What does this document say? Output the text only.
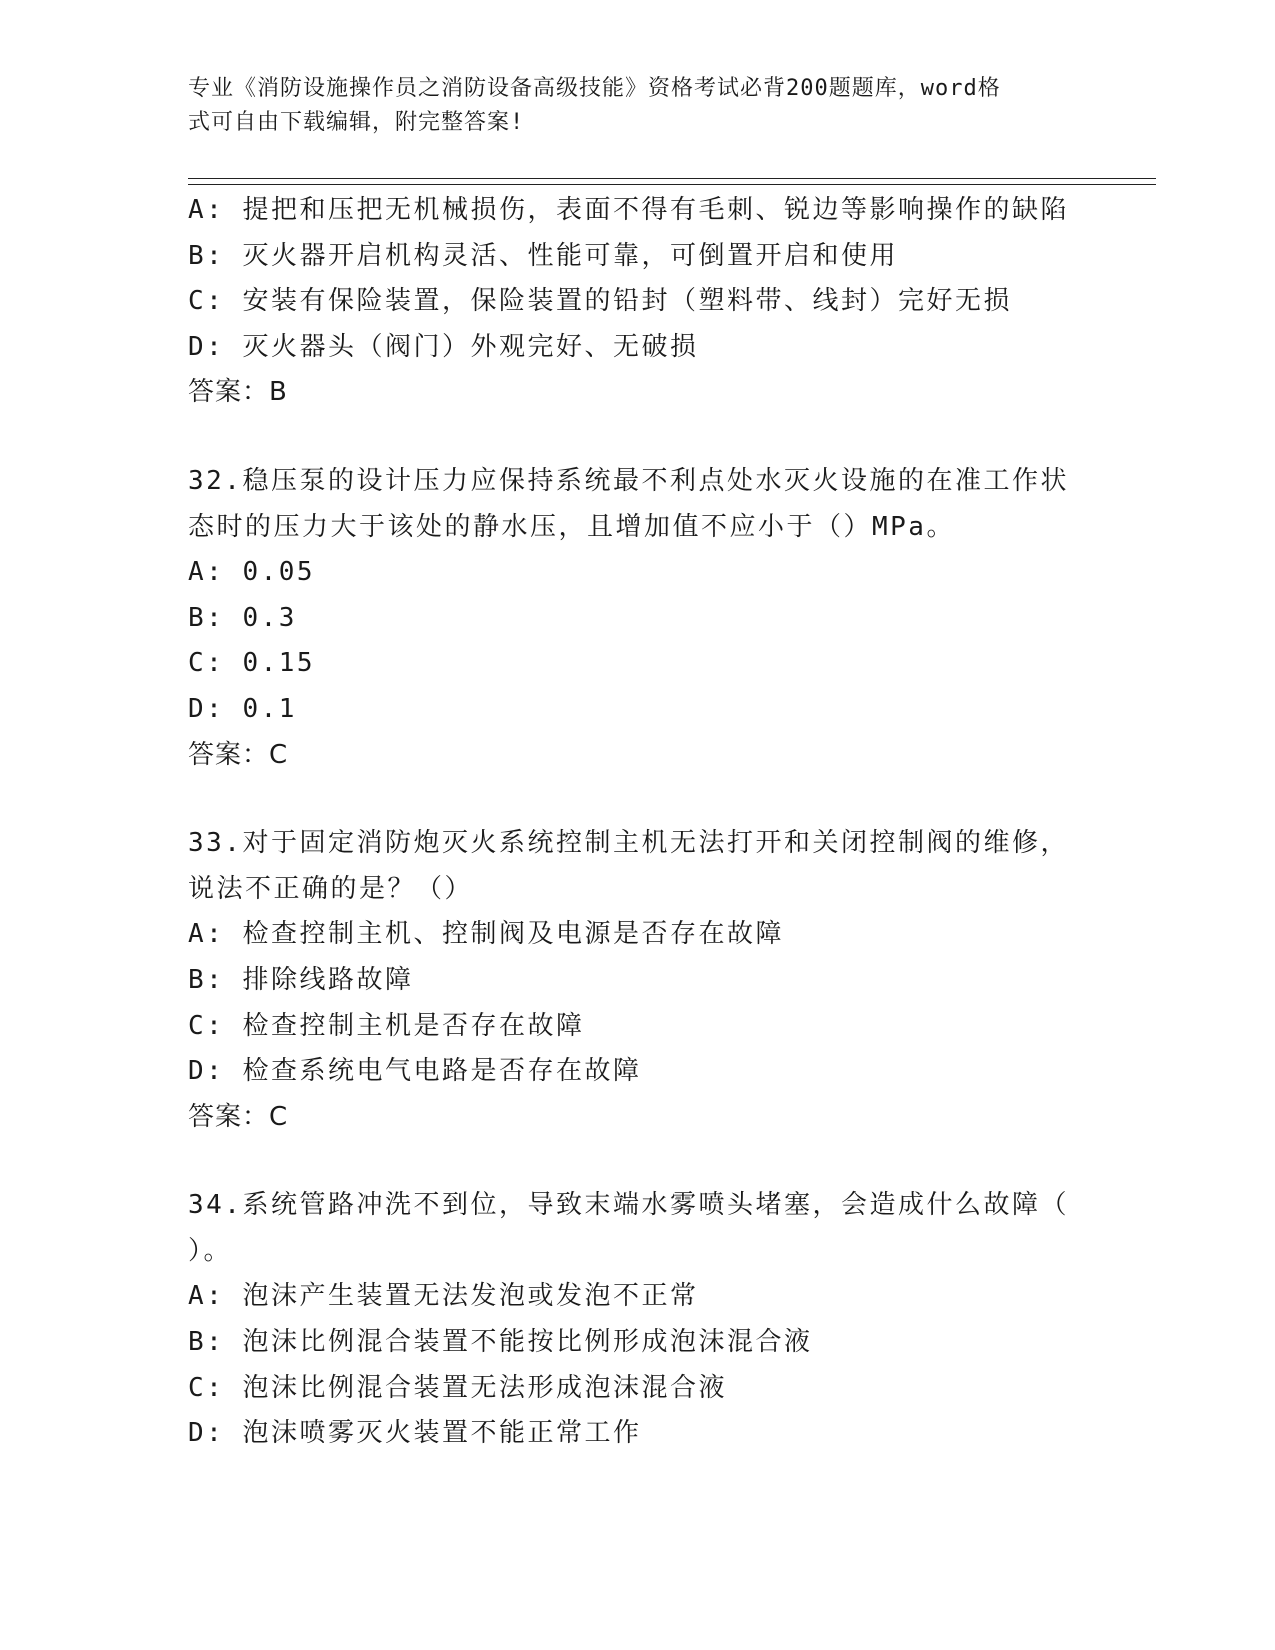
专业《消防设施操作员之消防设备高级技能》资格考试必背200题题库，word格
式可自由下载编辑，附完整答案!
A: 提把和压把无机械损伤，表面不得有毛刺、锐边等影响操作的缺陷
B: 灭火器开启机构灵活、性能可靠，可倒置开启和使用
C: 安装有保险装置，保险装置的铅封（塑料带、线封）完好无损
D: 灭火器头（阀门）外观完好、无破损
答案：B
32.稳压泵的设计压力应保持系统最不利点处水灭火设施的在准工作状
态时的压力大于该处的静水压，且增加值不应小于（）MPa。
A: 0.05
B: 0.3
C: 0.15
D: 0.1
答案：C
33.对于固定消防炮灭火系统控制主机无法打开和关闭控制阀的维修，
说法不正确的是？（）
A: 检查控制主机、控制阀及电源是否存在故障
B: 排除线路故障
C: 检查控制主机是否存在故障
D: 检查系统电气电路是否存在故障
答案：C
34.系统管路冲洗不到位，导致末端水雾喷头堵塞，会造成什么故障（
）。
A: 泡沫产生装置无法发泡或发泡不正常
B: 泡沫比例混合装置不能按比例形成泡沫混合液
C: 泡沫比例混合装置无法形成泡沫混合液
D: 泡沫喷雾灭火装置不能正常工作
